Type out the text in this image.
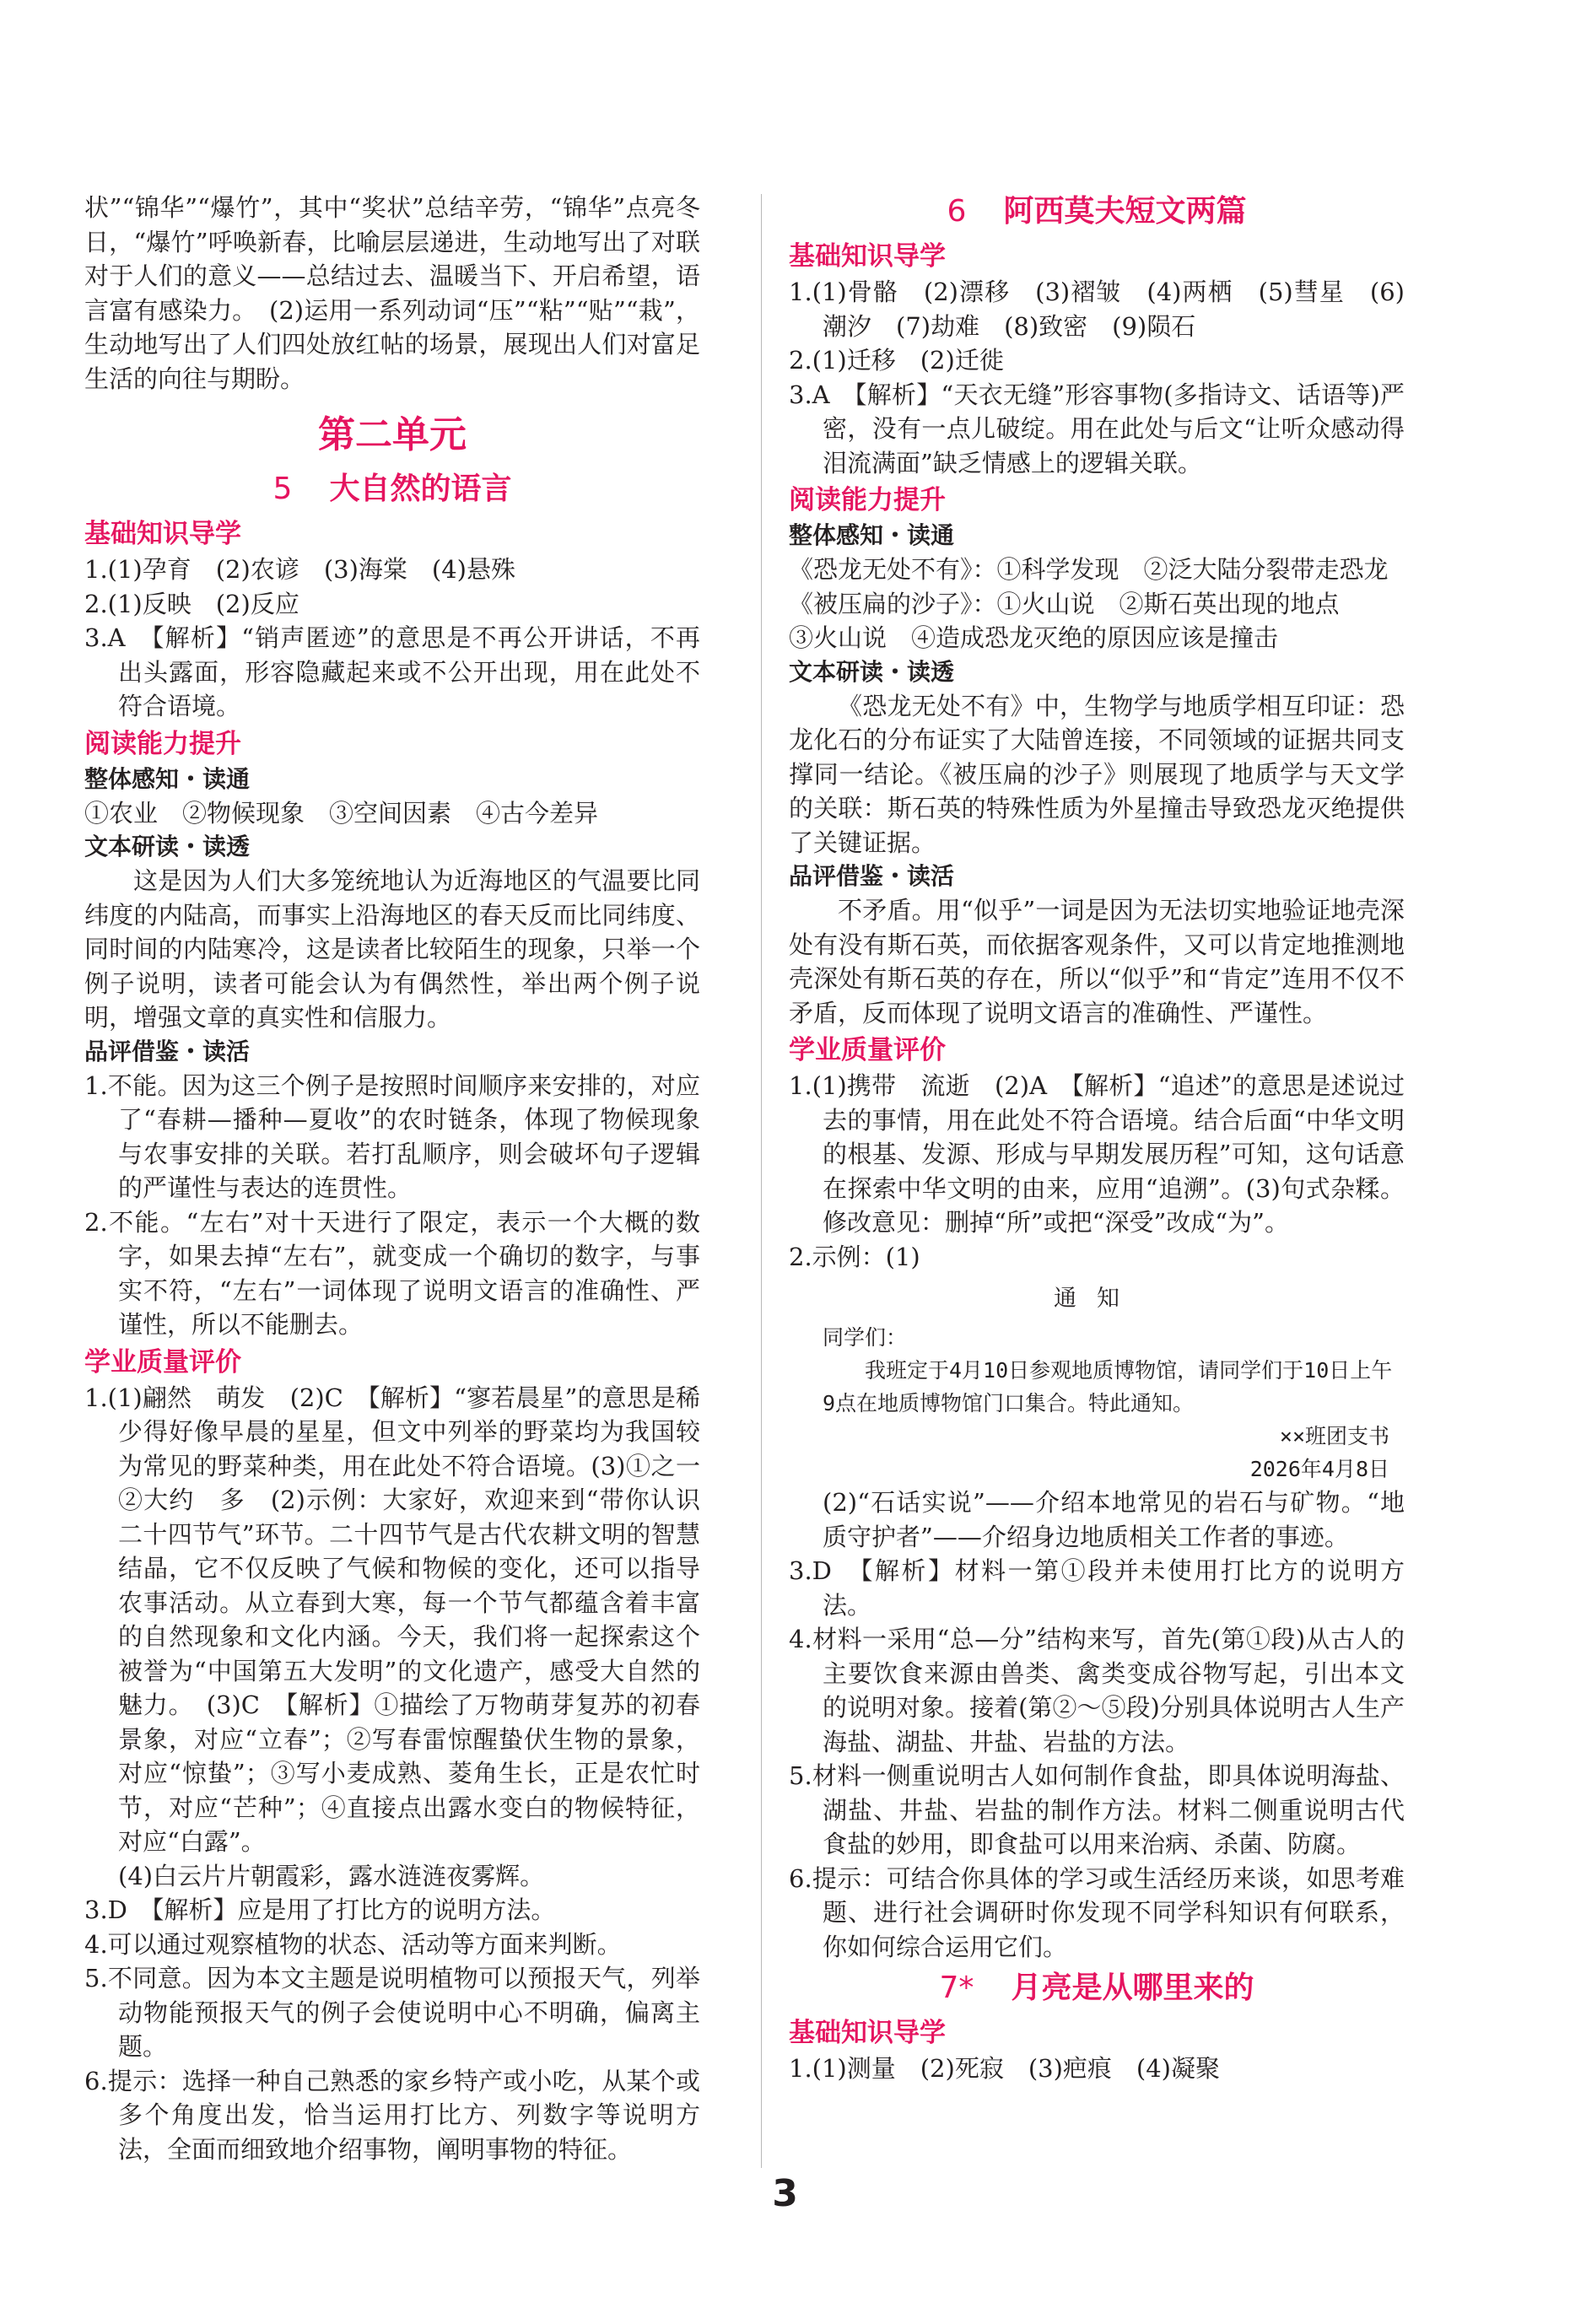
状”“锦华”“爆竹”，其中“奖状”总结辛劳，“锦华”点亮冬日，“爆竹”呼唤新春，比喻层层递进，生动地写出了对联对于人们的意义——总结过去、温暖当下、开启希望，语言富有感染力。　(2)运用一系列动词“压”“粘”“贴”“栽”，生动地写出了人们四处放红帖的场景，展现出人们对富足生活的向往与期盼。

第二单元
5 大自然的语言
基础知识导学

1.(1)孕育　(2)农谚　(3)海棠　(4)悬殊

2.(1)反映　(2)反应

3.A　【解析】“销声匿迹”的意思是不再公开讲话，不再出头露面，形容隐藏起来或不公开出现，用在此处不符合语境。

阅读能力提升
整体感知・读通

①农业　②物候现象　③空间因素　④古今差异

文本研读・读透

这是因为人们大多笼统地认为近海地区的气温要比同纬度的内陆高，而事实上沿海地区的春天反而比同纬度、同时间的内陆寒冷，这是读者比较陌生的现象，只举一个例子说明，读者可能会认为有偶然性，举出两个例子说明，增强文章的真实性和信服力。

品评借鉴・读活

1.不能。因为这三个例子是按照时间顺序来安排的，对应了“春耕—播种—夏收”的农时链条，体现了物候现象与农事安排的关联。若打乱顺序，则会破坏句子逻辑的严谨性与表达的连贯性。

2.不能。“左右”对十天进行了限定，表示一个大概的数字，如果去掉“左右”，就变成一个确切的数字，与事实不符，“左右”一词体现了说明文语言的准确性、严谨性，所以不能删去。

学业质量评价

1.(1)翩然　萌发　(2)C　【解析】“寥若晨星”的意思是稀少得好像早晨的星星，但文中列举的野菜均为我国较为常见的野菜种类，用在此处不符合语境。(3)①之一　②大约　多　(2)示例：大家好，欢迎来到“带你认识二十四节气”环节。二十四节气是古代农耕文明的智慧结晶，它不仅反映了气候和物候的变化，还可以指导农事活动。从立春到大寒，每一个节气都蕴含着丰富的自然现象和文化内涵。今天，我们将一起探索这个被誉为“中国第五大发明”的文化遗产，感受大自然的魅力。　(3)C　【解析】①描绘了万物萌芽复苏的初春景象，对应“立春”；②写春雷惊醒蛰伏生物的景象，对应“惊蛰”；③写小麦成熟、菱角生长，正是农忙时节，对应“芒种”；④直接点出露水变白的物候特征，对应“白露”。

(4)白云片片朝霞彩，露水涟涟夜雾辉。

3.D　【解析】应是用了打比方的说明方法。

4.可以通过观察植物的状态、活动等方面来判断。

5.不同意。因为本文主题是说明植物可以预报天气，列举动物能预报天气的例子会使说明中心不明确，偏离主题。

6.提示：选择一种自己熟悉的家乡特产或小吃，从某个或多个角度出发，恰当运用打比方、列数字等说明方法，全面而细致地介绍事物，阐明事物的特征。

6 阿西莫夫短文两篇
基础知识导学

1.(1)骨骼　(2)漂移　(3)褶皱　(4)两栖　(5)彗星　(6)潮汐　(7)劫难　(8)致密　(9)陨石

2.(1)迁移　(2)迁徙

3.A　【解析】“天衣无缝”形容事物(多指诗文、话语等)严密，没有一点儿破绽。用在此处与后文“让听众感动得泪流满面”缺乏情感上的逻辑关联。

阅读能力提升
整体感知・读通

《恐龙无处不有》：①科学发现　②泛大陆分裂带走恐龙

《被压扁的沙子》：①火山说　②斯石英出现的地点

③火山说　④造成恐龙灭绝的原因应该是撞击

文本研读・读透

《恐龙无处不有》中，生物学与地质学相互印证：恐龙化石的分布证实了大陆曾连接，不同领域的证据共同支撑同一结论。《被压扁的沙子》则展现了地质学与天文学的关联：斯石英的特殊性质为外星撞击导致恐龙灭绝提供了关键证据。

品评借鉴・读活

不矛盾。用“似乎”一词是因为无法切实地验证地壳深处有没有斯石英，而依据客观条件，又可以肯定地推测地壳深处有斯石英的存在，所以“似乎”和“肯定”连用不仅不矛盾，反而体现了说明文语言的准确性、严谨性。

学业质量评价

1.(1)携带　流逝　(2)A　【解析】“追述”的意思是述说过去的事情，用在此处不符合语境。结合后面“中华文明的根基、发源、形成与早期发展历程”可知，这句话意在探索中华文明的由来，应用“追溯”。(3)句式杂糅。修改意见：删掉“所”或把“深受”改成“为”。

2.示例：(1)

通知
同学们：
我班定于4月10日参观地质博物馆，请同学们于10日上午9点在地质博物馆门口集合。特此通知。
××班团支书
2026年4月8日

(2)“石话实说”——介绍本地常见的岩石与矿物。“地质守护者”——介绍身边地质相关工作者的事迹。

3.D　【解析】材料一第①段并未使用打比方的说明方法。

4.材料一采用“总—分”结构来写，首先(第①段)从古人的主要饮食来源由兽类、禽类变成谷物写起，引出本文的说明对象。接着(第②～⑤段)分别具体说明古人生产海盐、湖盐、井盐、岩盐的方法。

5.材料一侧重说明古人如何制作食盐，即具体说明海盐、湖盐、井盐、岩盐的制作方法。材料二侧重说明古代食盐的妙用，即食盐可以用来治病、杀菌、防腐。

6.提示：可结合你具体的学习或生活经历来谈，如思考难题、进行社会调研时你发现不同学科知识有何联系，你如何综合运用它们。

7* 月亮是从哪里来的
基础知识导学

1.(1)测量　(2)死寂　(3)疤痕　(4)凝聚

3
